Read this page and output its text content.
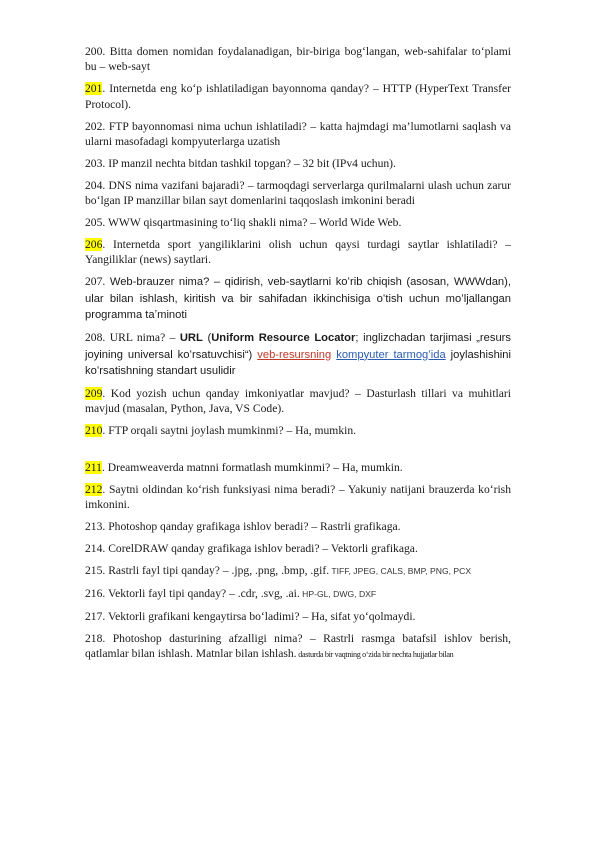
200. Bitta domen nomidan foydalanadigan, bir-biriga bog‘langan, web-sahifalar to‘plami bu – web-sayt

201. Internetda eng ko‘p ishlatiladigan bayonnoma qanday? – HTTP (HyperText Transfer Protocol).

202. FTP bayonnomasi nima uchun ishlatiladi? – katta hajmdagi ma’lumotlarni saqlash va ularni masofadagi kompyuterlarga uzatish

203. IP manzil nechta bitdan tashkil topgan? – 32 bit (IPv4 uchun).

204. DNS nima vazifani bajaradi? – tarmoqdagi serverlarga qurilmalarni ulash uchun zarur bo‘lgan IP manzillar bilan sayt domenlarini taqqoslash imkonini beradi

205. WWW qisqartmasining to‘liq shakli nima? – World Wide Web.

206. Internetda sport yangiliklarini olish uchun qaysi turdagi saytlar ishlatiladi? – Yangiliklar (news) saytlari.

207. Web-brauzer nima? – qidirish, veb-saytlarni koʻrib chiqish (asosan, WWWdan), ular bilan ishlash, kiritish va bir sahifadan ikkinchisiga oʻtish uchun moʻljallangan programma taʼminoti

208. URL nima? – URL (Uniform Resource Locator; inglizchadan tarjimasi „resurs joyining universal koʻrsatuvchisi“) veb-resursning kompyuter tarmogʻida joylashishini koʻrsatishning standart usulidir

209. Kod yozish uchun qanday imkoniyatlar mavjud? – Dasturlash tillari va muhitlari mavjud (masalan, Python, Java, VS Code).

210. FTP orqali saytni joylash mumkinmi? – Ha, mumkin.

211. Dreamweaverda matnni formatlash mumkinmi? – Ha, mumkin.

212. Saytni oldindan ko‘rish funksiyasi nima beradi? – Yakuniy natijani brauzerda ko‘rish imkonini.

213. Photoshop qanday grafikaga ishlov beradi? – Rastrli grafikaga.

214. CorelDRAW qanday grafikaga ishlov beradi? – Vektorli grafikaga.

215. Rastrli fayl tipi qanday? – .jpg, .png, .bmp, .gif. TIFF, JPEG, CALS, BMP, PNG, PCX

216. Vektorli fayl tipi qanday? – .cdr, .svg, .ai. HP-GL, DWG, DXF

217. Vektorli grafikani kengaytirsa bo‘ladimi? – Ha, sifat yo‘qolmaydi.

218. Photoshop dasturining afzalligi nima? – Rastrli rasmga batafsil ishlov berish, qatlamlar bilan ishlash. Matnlar bilan ishlash. dasturda bir vaqtning oʻzida bir nechta hujjatlar bilan
